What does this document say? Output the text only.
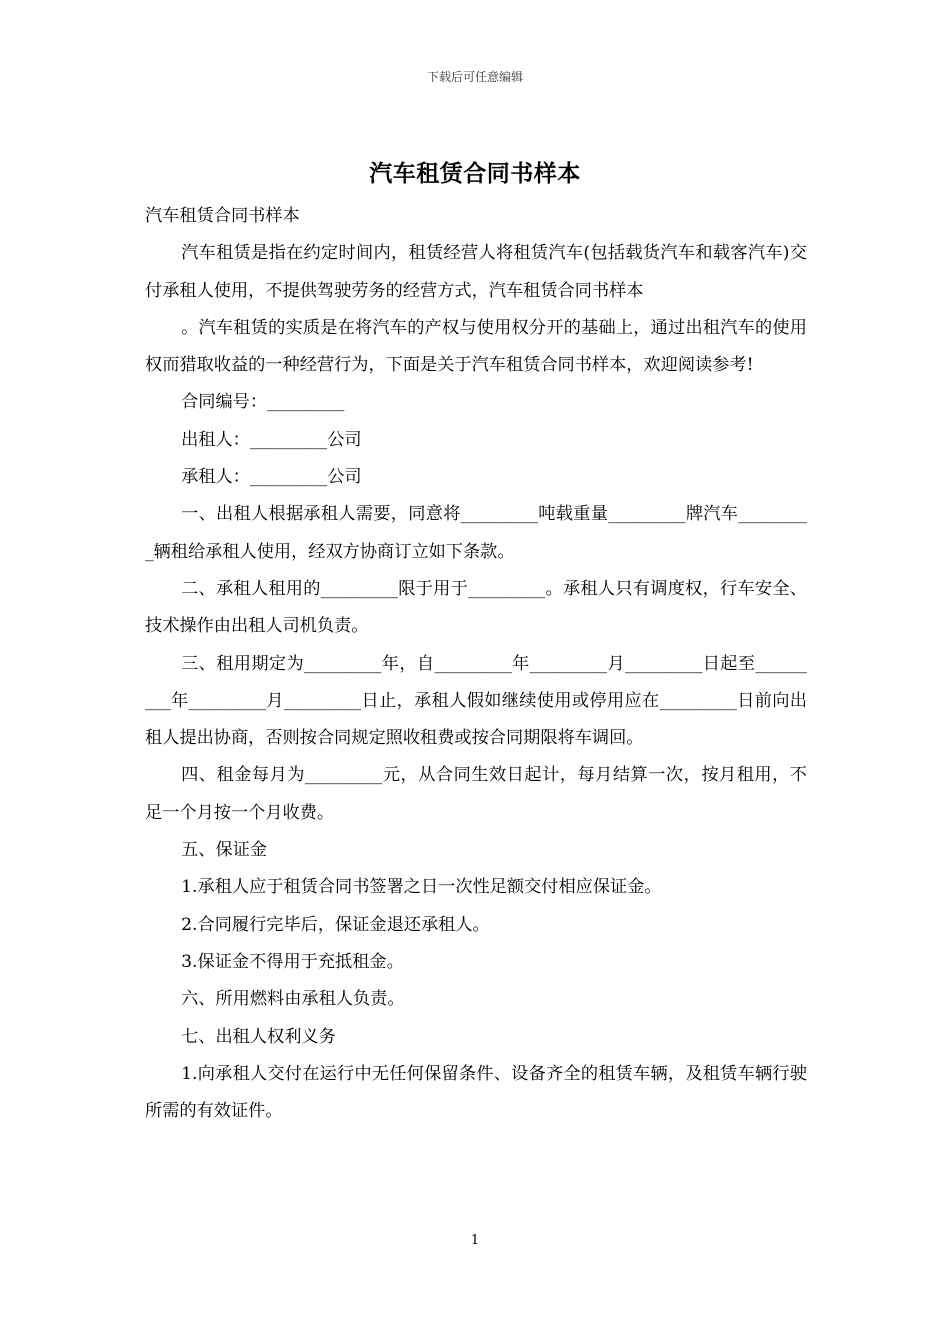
下载后可任意编辑
汽车租赁合同书样本

汽车租赁合同书样本

汽车租赁是指在约定时间内，租赁经营人将租赁汽车(包括载货汽车和载客汽车)交付承租人使用，不提供驾驶劳务的经营方式，汽车租赁合同书样本

。汽车租赁的实质是在将汽车的产权与使用权分开的基础上，通过出租汽车的使用权而猎取收益的一种经营行为，下面是关于汽车租赁合同书样本，欢迎阅读参考!

合同编号：_________

出租人：_________公司

承租人：_________公司

一、出租人根据承租人需要，同意将_________吨载重量_________牌汽车_________辆租给承租人使用，经双方协商订立如下条款。

二、承租人租用的_________限于用于_________。承租人只有调度权，行车安全、技术操作由出租人司机负责。

三、租用期定为_________年，自_________年_________月_________日起至_________年_________月_________日止，承租人假如继续使用或停用应在_________日前向出租人提出协商，否则按合同规定照收租费或按合同期限将车调回。

四、租金每月为_________元，从合同生效日起计，每月结算一次，按月租用，不足一个月按一个月收费。

五、保证金

1.承租人应于租赁合同书签署之日一次性足额交付相应保证金。

2.合同履行完毕后，保证金退还承租人。

3.保证金不得用于充抵租金。

六、所用燃料由承租人负责。

七、出租人权利义务

1.向承租人交付在运行中无任何保留条件、设备齐全的租赁车辆，及租赁车辆行驶所需的有效证件。

1
